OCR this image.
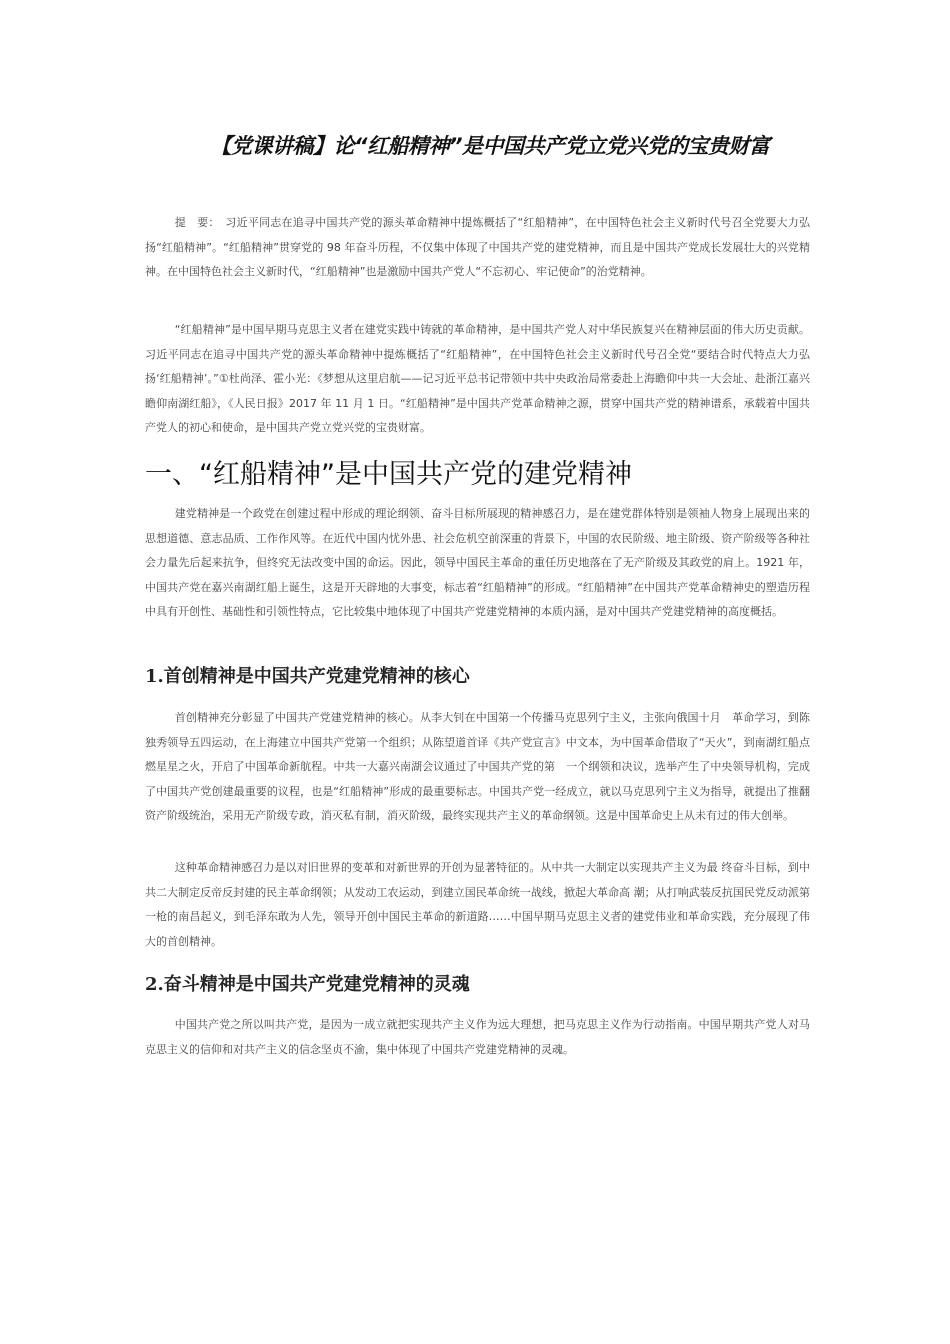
【党课讲稿】论“红船精神”是中国共产党立党兴党的宝贵财富

提　要：　习近平同志在追寻中国共产党的源头革命精神中提炼概括了“红船精神”，在中国特色社会主义新时代号召全党要大力弘扬“红船精神”。“红船精神”贯穿党的 98 年奋斗历程，不仅集中体现了中国共产党的建党精神，而且是中国共产党成长发展壮大的兴党精神。在中国特色社会主义新时代，“红船精神”也是激励中国共产党人“不忘初心、牢记使命”的治党精神。

“红船精神”是中国早期马克思主义者在建党实践中铸就的革命精神，是中国共产党人对中华民族复兴在精神层面的伟大历史贡献。习近平同志在追寻中国共产党的源头革命精神中提炼概括了“红船精神”，在中国特色社会主义新时代号召全党“要结合时代特点大力弘扬‘红船精神’。”①杜尚泽、霍小光：《梦想从这里启航——记习近平总书记带领中共中央政治局常委赴上海瞻仰中共一大会址、赴浙江嘉兴瞻仰南湖红船》，《人民日报》2017 年 11 月 1 日。“红船精神”是中国共产党革命精神之源，贯穿中国共产党的精神谱系，承载着中国共产党人的初心和使命，是中国共产党立党兴党的宝贵财富。

一、“红船精神”是中国共产党的建党精神

建党精神是一个政党在创建过程中形成的理论纲领、奋斗目标所展现的精神感召力，是在建党群体特别是领袖人物身上展现出来的思想道德、意志品质、工作作风等。在近代中国内忧外患、社会危机空前深重的背景下，中国的农民阶级、地主阶级、资产阶级等各种社会力量先后起来抗争，但终究无法改变中国的命运。因此，领导中国民主革命的重任历史地落在了无产阶级及其政党的肩上。1921 年，中国共产党在嘉兴南湖红船上诞生，这是开天辟地的大事变，标志着“红船精神”的形成。“红船精神”在中国共产党革命精神史的塑造历程中具有开创性、基础性和引领性特点，它比较集中地体现了中国共产党建党精神的本质内涵，是对中国共产党建党精神的高度概括。

1.首创精神是中国共产党建党精神的核心

首创精神充分彰显了中国共产党建党精神的核心。从李大钊在中国第一个传播马克思列宁主义，主张向俄国十月　革命学习，到陈独秀领导五四运动，在上海建立中国共产党第一个组织；从陈望道首译《共产党宣言》中文本，为中国革命借取了“天火”，到南湖红船点燃星星之火，开启了中国革命新航程。中共一大嘉兴南湖会议通过了中国共产党的第　一个纲领和决议，选举产生了中央领导机构，完成了中国共产党创建最重要的议程，也是“红船精神”形成的最重要标志。中国共产党一经成立，就以马克思列宁主义为指导，就提出了推翻资产阶级统治，采用无产阶级专政，消灭私有制，消灭阶级，最终实现共产主义的革命纲领。这是中国革命史上从未有过的伟大创举。

这种革命精神感召力是以对旧世界的变革和对新世界的开创为显著特征的。从中共一大制定以实现共产主义为最 终奋斗目标，到中共二大制定反帝反封建的民主革命纲领；从发动工农运动，到建立国民革命统一战线，掀起大革命高 潮；从打响武装反抗国民党反动派第一枪的南昌起义，到毛泽东敢为人先，领导开创中国民主革命的新道路……中国早期马克思主义者的建党伟业和革命实践，充分展现了伟大的首创精神。

2.奋斗精神是中国共产党建党精神的灵魂

中国共产党之所以叫共产党，是因为一成立就把实现共产主义作为远大理想，把马克思主义作为行动指南。中国早期共产党人对马克思主义的信仰和对共产主义的信念坚贞不渝，集中体现了中国共产党建党精神的灵魂。
